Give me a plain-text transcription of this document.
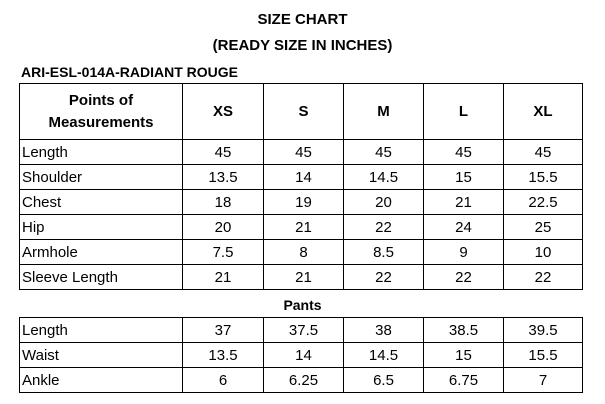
SIZE CHART
(READY SIZE IN INCHES)
ARI-ESL-014A-RADIANT ROUGE
Points of
Measurements	XS	S	M	L	XL
Length	45	45	45	45	45
Shoulder	13.5	14	14.5	15	15.5
Chest	18	19	20	21	22.5
Hip	20	21	22	24	25
Armhole	7.5	8	8.5	9	10
Sleeve Length	21	21	22	22	22
Pants
Length	37	37.5	38	38.5	39.5
Waist	13.5	14	14.5	15	15.5
Ankle	6	6.25	6.5	6.75	7
